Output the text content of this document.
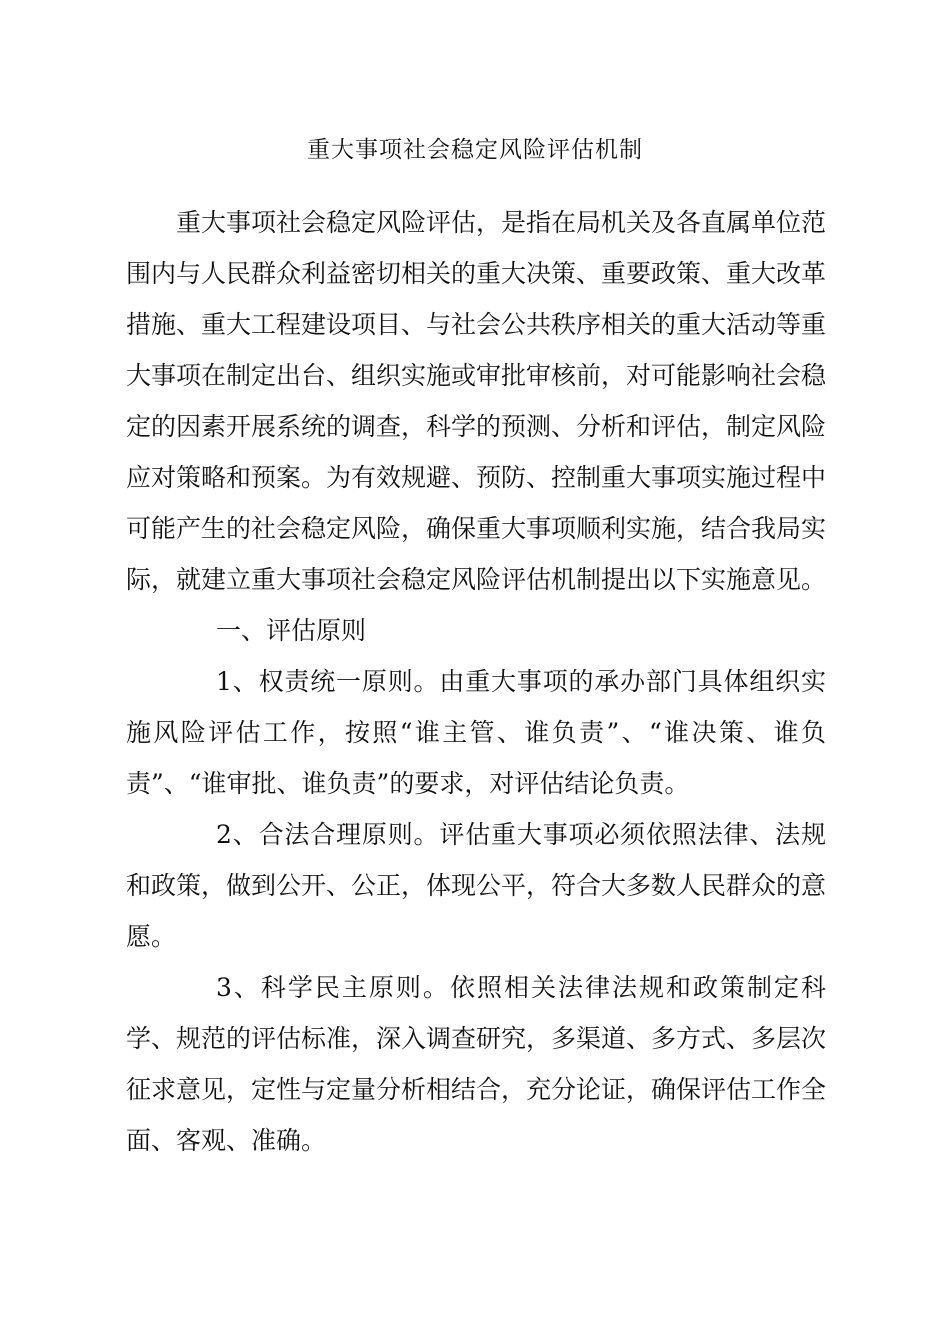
重大事项社会稳定风险评估机制

重大事项社会稳定风险评估，是指在局机关及各直属单位范围内与人民群众利益密切相关的重大决策、重要政策、重大改革措施、重大工程建设项目、与社会公共秩序相关的重大活动等重大事项在制定出台、组织实施或审批审核前，对可能影响社会稳定的因素开展系统的调查，科学的预测、分析和评估，制定风险应对策略和预案。为有效规避、预防、控制重大事项实施过程中可能产生的社会稳定风险，确保重大事项顺利实施，结合我局实际，就建立重大事项社会稳定风险评估机制提出以下实施意见。

一、评估原则

1、权责统一原则。由重大事项的承办部门具体组织实施风险评估工作，按照“谁主管、谁负责”、“谁决策、谁负责”、“谁审批、谁负责”的要求，对评估结论负责。

2、合法合理原则。评估重大事项必须依照法律、法规和政策，做到公开、公正，体现公平，符合大多数人民群众的意愿。

3、科学民主原则。依照相关法律法规和政策制定科学、规范的评估标准，深入调查研究，多渠道、多方式、多层次征求意见，定性与定量分析相结合，充分论证，确保评估工作全面、客观、准确。
